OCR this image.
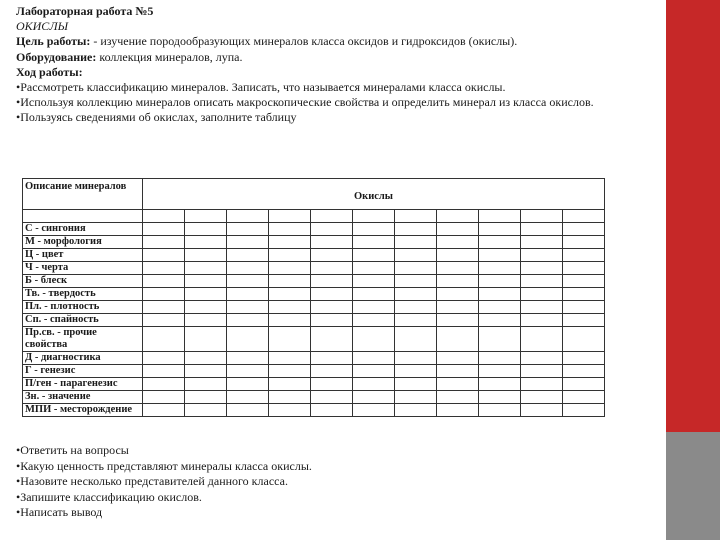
Лабораторная работа №5

ОКИСЛЫ

Цель работы: - изучение породообразующих минералов класса оксидов и гидроксидов (окислы).

Оборудование: коллекция минералов, лупа.

Ход работы:

•Рассмотреть классификацию минералов. Записать, что называется минералами класса окислы.

•Используя коллекцию минералов описать макроскопические свойства и определить минерал из класса окислов.

•Пользуясь сведениями об окислах, заполните таблицу

Описание минералов	Окислы										

С - сингония											
М - морфология											
Ц - цвет											
Ч - черта											
Б - блеск											
Тв. - твердость											
Пл. - плотность											
Сп. - спайность											
Пр.св. - прочие свойства											
Д - диагностика											
Г - генезис											
П/ген - парагенезис											
Зн. - значение											
МПИ - месторождение											

•Ответить на вопросы

•Какую ценность представляют минералы класса окислы.

•Назовите несколько представителей данного класса.

•Запишите классификацию окислов.

•Написать вывод
